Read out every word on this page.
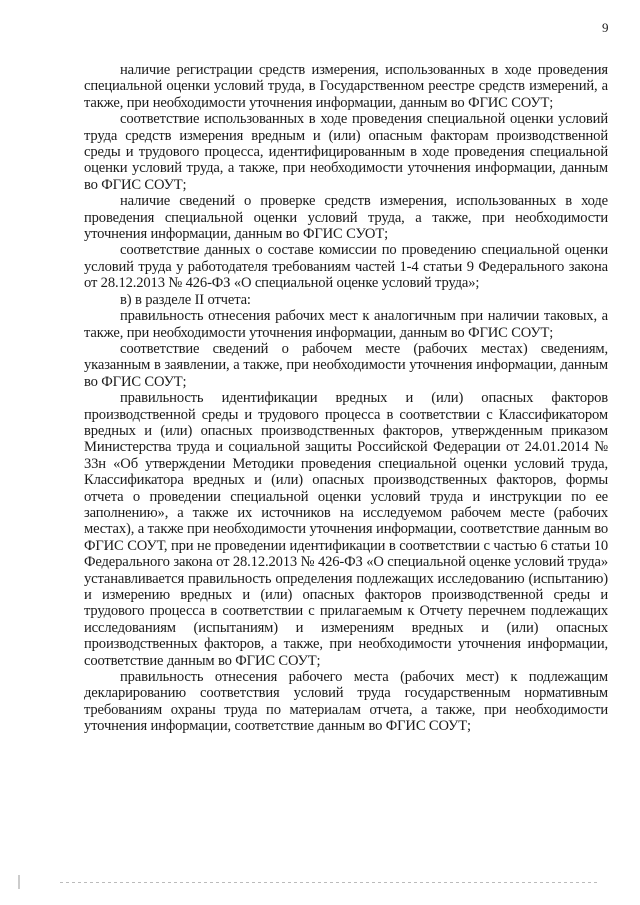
9

наличие регистрации средств измерения, использованных в ходе проведения специальной оценки условий труда, в Государственном реестре средств измерений, а также, при необходимости уточнения информации, данным во ФГИС СОУТ;

соответствие использованных в ходе проведения специальной оценки условий труда средств измерения вредным и (или) опасным факторам производственной среды и трудового процесса, идентифицированным в ходе проведения специальной оценки условий труда, а также, при необходимости уточнения информации, данным во ФГИС СОУТ;

наличие сведений о проверке средств измерения, использованных в ходе проведения специальной оценки условий труда, а также, при необходимости уточнения информации, данным во ФГИС СУОТ;

соответствие данных о составе комиссии по проведению специальной оценки условий труда у работодателя требованиям частей 1-4 статьи 9 Федерального закона от 28.12.2013 № 426-ФЗ «О специальной оценке условий труда»;

в) в разделе II отчета:

правильность отнесения рабочих мест к аналогичным при наличии таковых, а также, при необходимости уточнения информации, данным во ФГИС СОУТ;

соответствие сведений о рабочем месте (рабочих местах) сведениям, указанным в заявлении, а также, при необходимости уточнения информации, данным во ФГИС СОУТ;

правильность идентификации вредных и (или) опасных факторов производственной среды и трудового процесса в соответствии с Классификатором вредных и (или) опасных производственных факторов, утвержденным приказом Министерства труда и социальной защиты Российской Федерации от 24.01.2014 № 33н «Об утверждении Методики проведения специальной оценки условий труда, Классификатора вредных и (или) опасных производственных факторов, формы отчета о проведении специальной оценки условий труда и инструкции по ее заполнению», а также их источников на исследуемом рабочем месте (рабочих местах), а также при необходимости уточнения информации, соответствие данным во ФГИС СОУТ, при не проведении идентификации в соответствии с частью 6 статьи 10 Федерального закона от 28.12.2013 № 426-ФЗ «О специальной оценке условий труда» устанавливается правильность определения подлежащих исследованию (испытанию) и измерению вредных и (или) опасных факторов производственной среды и трудового процесса в соответствии с прилагаемым к Отчету перечнем подлежащих исследованиям (испытаниям) и измерениям вредных и (или) опасных производственных факторов, а также, при необходимости уточнения информации, соответствие данным во ФГИС СОУТ;

правильность отнесения рабочего места (рабочих мест) к подлежащим декларированию соответствия условий труда государственным нормативным требованиям охраны труда по материалам отчета, а также, при необходимости уточнения информации, соответствие данным во ФГИС СОУТ;
